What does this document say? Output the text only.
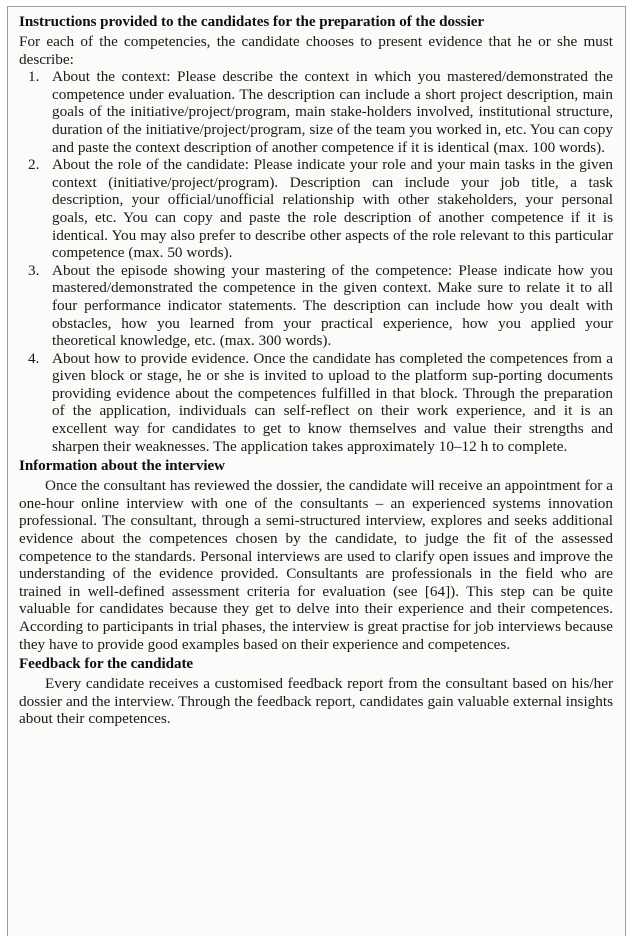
Instructions provided to the candidates for the preparation of the dossier

For each of the competencies, the candidate chooses to present evidence that he or she must describe:

1. About the context: Please describe the context in which you mastered/demonstrated the competence under evaluation. The description can include a short project description, main goals of the initiative/project/program, main stake-holders involved, institutional structure, duration of the initiative/project/program, size of the team you worked in, etc. You can copy and paste the context description of another competence if it is identical (max. 100 words).
2. About the role of the candidate: Please indicate your role and your main tasks in the given context (initiative/project/program). Description can include your job title, a task description, your official/unofficial relationship with other stakeholders, your personal goals, etc. You can copy and paste the role description of another competence if it is identical. You may also prefer to describe other aspects of the role relevant to this particular competence (max. 50 words).
3. About the episode showing your mastering of the competence: Please indicate how you mastered/demonstrated the competence in the given context. Make sure to relate it to all four performance indicator statements. The description can include how you dealt with obstacles, how you learned from your practical experience, how you applied your theoretical knowledge, etc. (max. 300 words).
4. About how to provide evidence. Once the candidate has completed the competences from a given block or stage, he or she is invited to upload to the platform sup-porting documents providing evidence about the competences fulfilled in that block. Through the preparation of the application, individuals can self-reflect on their work experience, and it is an excellent way for candidates to get to know themselves and value their strengths and sharpen their weaknesses. The application takes approximately 10–12 h to complete.
Information about the interview

Once the consultant has reviewed the dossier, the candidate will receive an appointment for a one-hour online interview with one of the consultants – an experienced systems innovation professional. The consultant, through a semi-structured interview, explores and seeks additional evidence about the competences chosen by the candidate, to judge the fit of the assessed competence to the standards. Personal interviews are used to clarify open issues and improve the understanding of the evidence provided. Consultants are professionals in the field who are trained in well-defined assessment criteria for evaluation (see [64]). This step can be quite valuable for candidates because they get to delve into their experience and their competences. According to participants in trial phases, the interview is great practise for job interviews because they have to provide good examples based on their experience and competences.

Feedback for the candidate

Every candidate receives a customised feedback report from the consultant based on his/her dossier and the interview. Through the feedback report, candidates gain valuable external insights about their competences.
